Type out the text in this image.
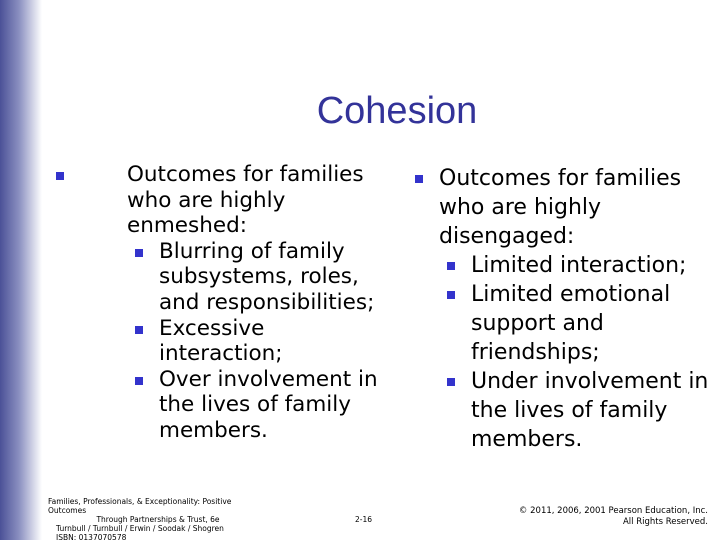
Cohesion
Outcomes for families who are highly enmeshed:
Blurring of family subsystems, roles, and responsibilities;
Excessive interaction;
Over involvement in the lives of family members.
Outcomes for families who are highly disengaged:
Limited interaction;
Limited emotional support and friendships;
Under involvement in the lives of family members.
Families, Professionals, & Exceptionality: Positive Outcomes
Through Partnerships & Trust, 6e
Turnbull / Turnbull / Erwin / Soodak / Shogren
ISBN: 0137070578
2-16
© 2011, 2006, 2001 Pearson Education, Inc.
All Rights Reserved.
